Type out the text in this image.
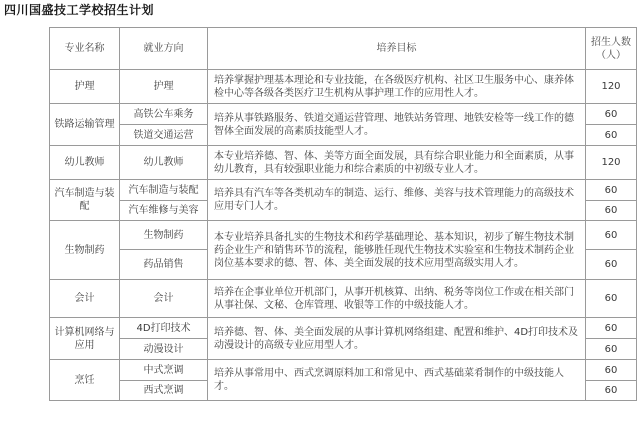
四川国盛技工学校招生计划
专业名称	就业方向	培养目标	招生人数（人）
护理	护理	培养掌握护理基本理论和专业技能，在各级医疗机构、社区卫生服务中心、康养体检中心等各级各类医疗卫生机构从事护理工作的应用性人才。	120
铁路运输管理	高铁公车乘务	培养从事铁路服务、铁道交通运营管理、地铁站务管理、地铁安检等一线工作的德智体全面发展的高素质技能型人才。	60
	铁道交通运营		60
幼儿教师	幼儿教师	本专业培养德、智、体、美等方面全面发展，具有综合职业能力和全面素质，从事幼儿教育，具有较强职业能力和综合素质的中初级专业人才。	120
汽车制造与装配	汽车制造与装配	培养具有汽车等各类机动车的制造、运行、维修、美容与技术管理能力的高级技术应用专门人才。	60
	汽车维修与美容		60
生物制药	生物制药	本专业培养具备扎实的生物技术和药学基础理论、基本知识，初步了解生物技术制药企业生产和销售环节的流程，能够胜任现代生物技术实验室和生物技术制药企业岗位基本要求的德、智、体、美全面发展的技术应用型高级实用人才。	60
	药品销售		60
会计	会计	培养在企事业单位开机部门，从事开机核算、出纳、税务等岗位工作或在相关部门从事社保、文秘、仓库管理、收银等工作的中级技能人才。	60
计算机网络与应用	4D打印技术	培养德、智、体、美全面发展的从事计算机网络组建、配置和维护、4D打印技术及动漫设计的高级专业应用型人才。	60
	动漫设计		60
烹饪	中式烹调	培养从事常用中、西式烹调原料加工和常见中、西式基础菜肴制作的中级技能人才。	60
	西式烹调		60
